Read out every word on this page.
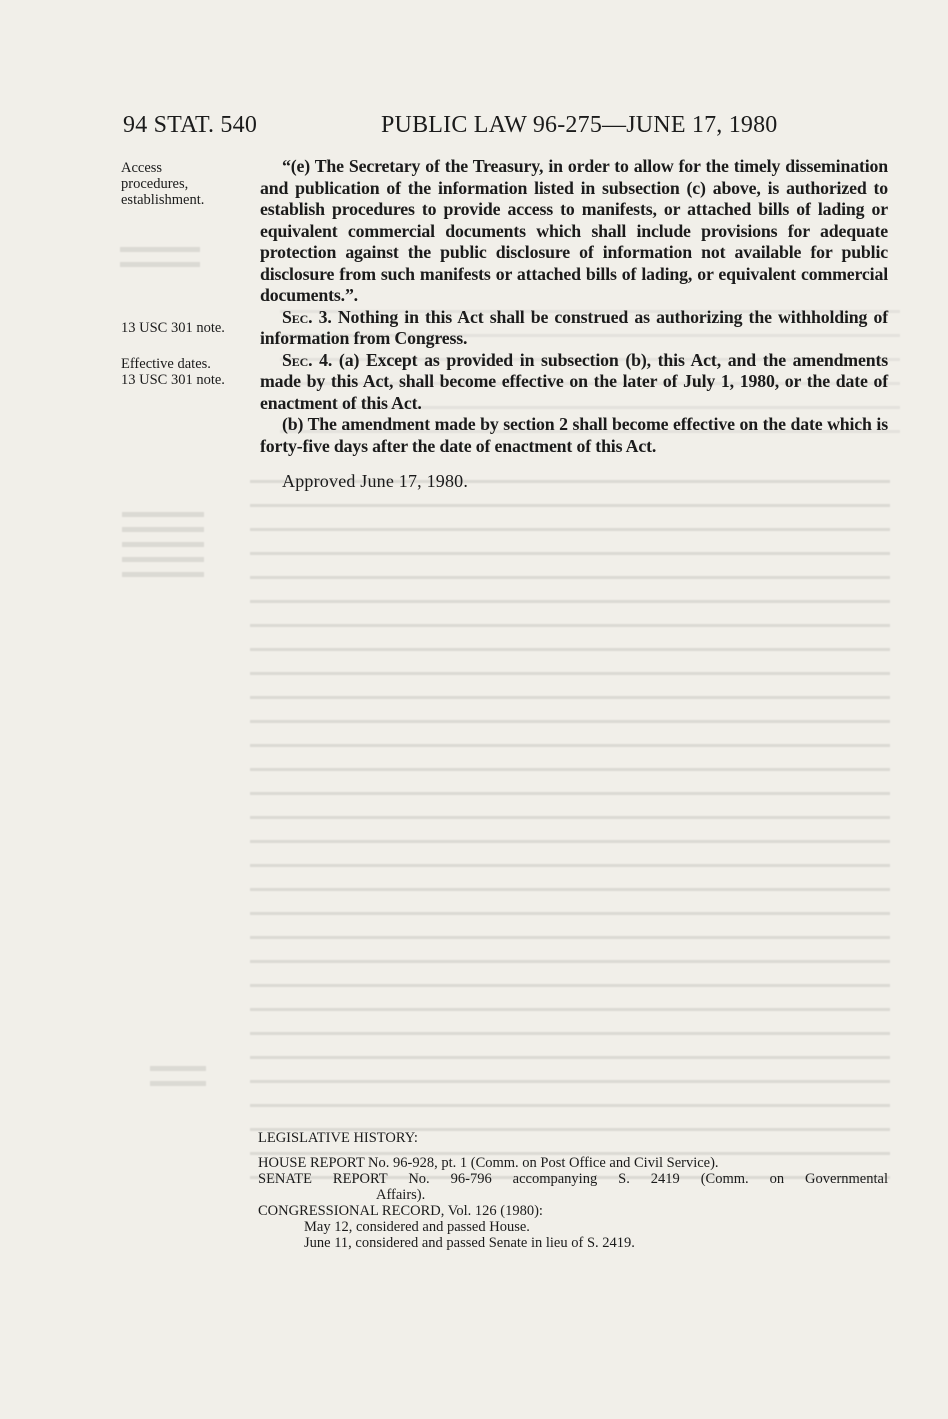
94 STAT. 540	PUBLIC LAW 96-275—JUNE 17, 1980
Access
procedures,
establishment.
13 USC 301 note.
Effective dates.
13 USC 301 note.

“(e) The Secretary of the Treasury, in order to allow for the timely dissemination and publication of the information listed in subsection (c) above, is authorized to establish procedures to provide access to manifests, or attached bills of lading or equivalent commercial documents which shall include provisions for adequate protection against the public disclosure of information not available for public disclosure from such manifests or attached bills of lading, or equivalent commercial documents.”.

Sec. 3. Nothing in this Act shall be construed as authorizing the withholding of information from Congress.

Sec. 4. (a) Except as provided in subsection (b), this Act, and the amendments made by this Act, shall become effective on the later of July 1, 1980, or the date of enactment of this Act.

(b) The amendment made by section 2 shall become effective on the date which is forty-five days after the date of enactment of this Act.

Approved June 17, 1980.
LEGISLATIVE HISTORY:
HOUSE REPORT No. 96-928, pt. 1 (Comm. on Post Office and Civil Service).
SENATE REPORT No. 96-796 accompanying S. 2419 (Comm. on Governmental
Affairs).
CONGRESSIONAL RECORD, Vol. 126 (1980):
May 12, considered and passed House.
June 11, considered and passed Senate in lieu of S. 2419.
